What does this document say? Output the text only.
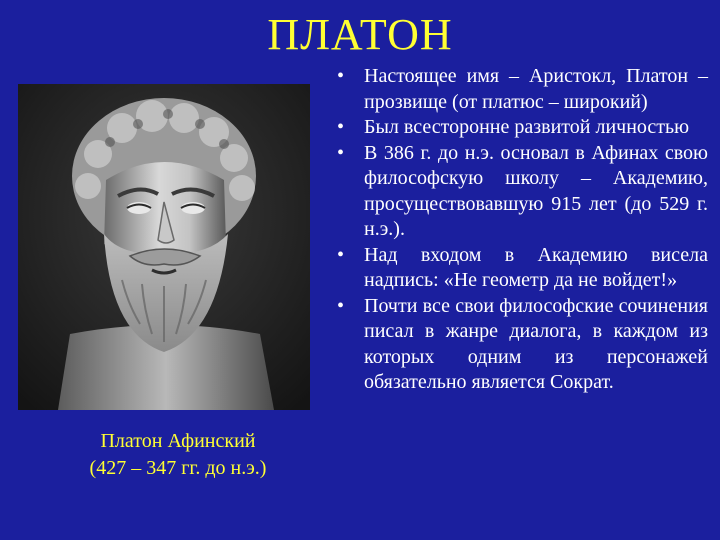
ПЛАТОН
Платон Афинский
(427 – 347 гг. до н.э.)
• Настоящее имя – Аристокл, Платон – прозвище (от платюс – широкий)
• Был всесторонне развитой личностью
• В 386 г. до н.э. основал в Афинах свою философскую школу – Академию, просуществовавшую 915 лет (до 529 г. н.э.).
• Над входом в Академию висела надпись: «Не геометр да не войдет!»
• Почти все свои философские сочинения писал в жанре диалога, в каждом из которых одним из персонажей обязательно является Сократ.
